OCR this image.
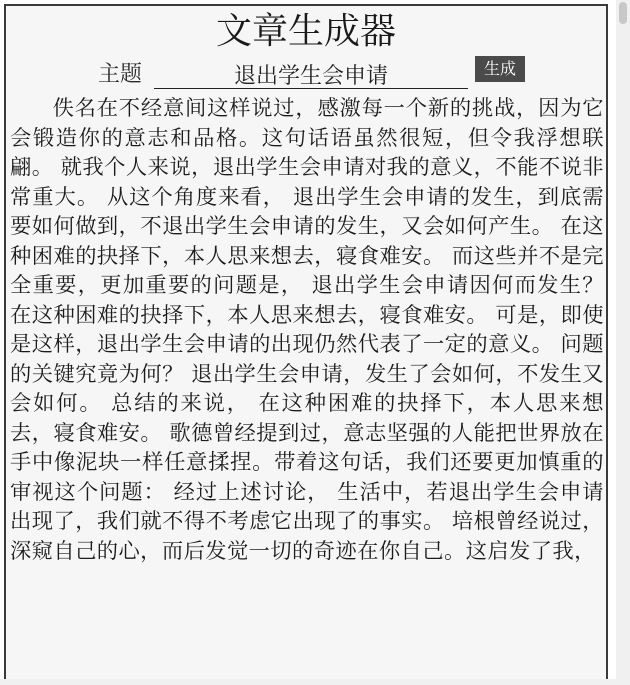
文章生成器
主题
退出学生会申请	生成

佚名在不经意间这样说过，感激每一个新的挑战，因为它会锻造你的意志和品格。这句话语虽然很短，但令我浮想联翩。 就我个人来说，退出学生会申请对我的意义，不能不说非常重大。 从这个角度来看， 退出学生会申请的发生，到底需要如何做到，不退出学生会申请的发生，又会如何产生。 在这种困难的抉择下，本人思来想去，寝食难安。 而这些并不是完全重要，更加重要的问题是， 退出学生会申请因何而发生？ 在这种困难的抉择下，本人思来想去，寝食难安。 可是，即使是这样，退出学生会申请的出现仍然代表了一定的意义。 问题的关键究竟为何？ 退出学生会申请，发生了会如何，不发生又会如何。 总结的来说， 在这种困难的抉择下，本人思来想去，寝食难安。 歌德曾经提到过，意志坚强的人能把世界放在手中像泥块一样任意揉捏。带着这句话，我们还要更加慎重的审视这个问题： 经过上述讨论， 生活中，若退出学生会申请出现了，我们就不得不考虑它出现了的事实。 培根曾经说过，深窥自己的心，而后发觉一切的奇迹在你自己。这启发了我，
